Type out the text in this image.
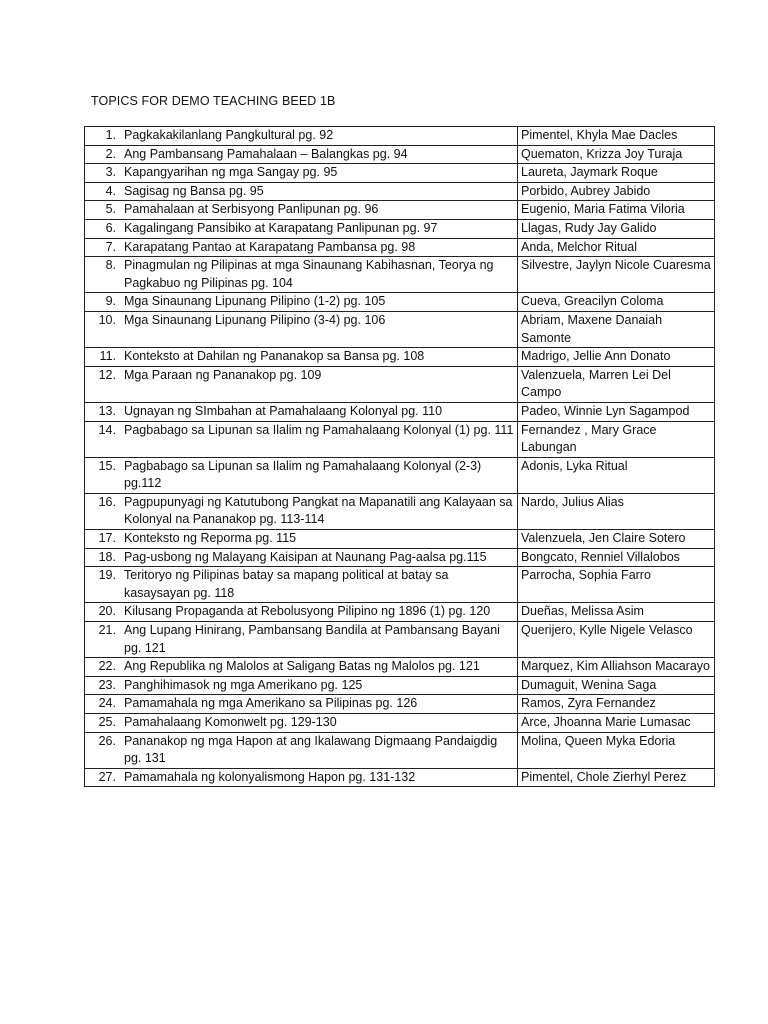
TOPICS FOR DEMO TEACHING BEED 1B
1. Pagkakakilanlang Pangkultural pg. 92	Pimentel, Khyla Mae Dacles

2. Ang Pambansang Pamahalaan – Balangkas pg. 94	Quematon, Krizza Joy Turaja

3. Kapangyarihan ng mga Sangay pg. 95	Laureta, Jaymark Roque

4. Sagisag ng Bansa pg. 95	Porbido, Aubrey Jabido

5. Pamahalaan at Serbisyong Panlipunan pg. 96	Eugenio, Maria Fatima Viloria

6. Kagalingang Pansibiko at Karapatang Panlipunan pg. 97	Llagas, Rudy Jay Galido

7. Karapatang Pantao at Karapatang Pambansa pg. 98	Anda, Melchor Ritual

8. Pinagmulan ng Pilipinas at mga Sinaunang Kabihasnan, Teorya ng Pagkabuo ng Pilipinas pg. 104	Silvestre, Jaylyn Nicole Cuaresma

9. Mga Sinaunang Lipunang Pilipino (1-2) pg. 105	Cueva, Greacilyn Coloma

10. Mga Sinaunang Lipunang Pilipino (3-4) pg. 106	Abriam, Maxene Danaiah Samonte

11. Konteksto at Dahilan ng Pananakop sa Bansa pg. 108	Madrigo, Jellie Ann Donato

12. Mga Paraan ng Pananakop pg. 109	Valenzuela, Marren Lei Del Campo

13. Ugnayan ng SImbahan at Pamahalaang Kolonyal pg. 110	Padeo, Winnie Lyn Sagampod

14. Pagbabago sa Lipunan sa Ilalim ng Pamahalaang Kolonyal (1) pg. 111	Fernandez , Mary Grace Labungan

15. Pagbabago sa Lipunan sa Ilalim ng Pamahalaang Kolonyal (2-3) pg.112	Adonis, Lyka Ritual

16. Pagpupunyagi ng Katutubong Pangkat na Mapanatili ang Kalayaan sa Kolonyal na Pananakop pg. 113-114	Nardo, Julius Alias

17. Konteksto ng Reporma pg. 115	Valenzuela, Jen Claire Sotero

18. Pag-usbong ng Malayang Kaisipan at Naunang Pag-aalsa pg.115	Bongcato, Renniel Villalobos

19. Teritoryo ng Pilipinas batay sa mapang political at batay sa kasaysayan pg. 118	Parrocha, Sophia Farro

20. Kilusang Propaganda at Rebolusyong Pilipino ng 1896 (1) pg. 120	Dueñas, Melissa Asim

21. Ang Lupang Hinirang, Pambansang Bandila at Pambansang Bayani pg. 121	Querijero, Kylle Nigele Velasco

22. Ang Republika ng Malolos at Saligang Batas ng Malolos pg. 121	Marquez, Kim Alliahson Macarayo

23. Panghihimasok ng mga Amerikano pg. 125	Dumaguit, Wenina Saga

24. Pamamahala ng mga Amerikano sa Pilipinas pg. 126	Ramos, Zyra Fernandez

25. Pamahalaang Komonwelt pg. 129-130	Arce, Jhoanna Marie Lumasac

26. Pananakop ng mga Hapon at ang Ikalawang Digmaang Pandaigdig pg. 131	Molina, Queen Myka Edoria

27. Pamamahala ng kolonyalismong Hapon pg. 131-132	Pimentel, Chole Zierhyl Perez
